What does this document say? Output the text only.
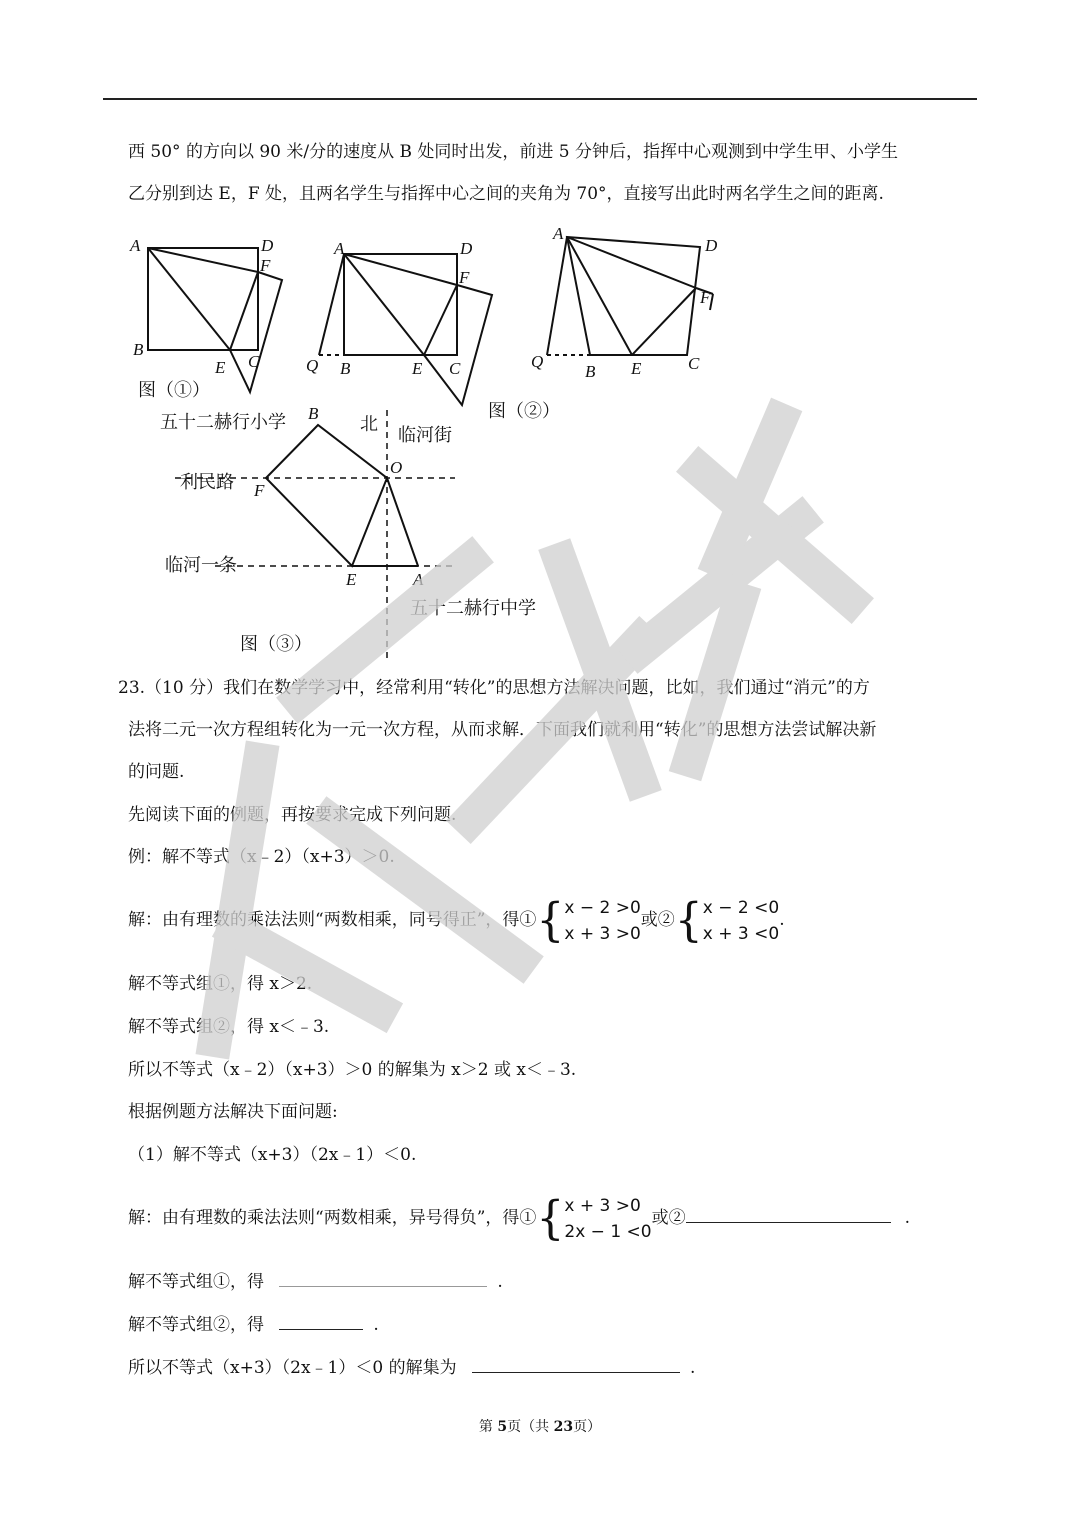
西 50° 的方向以 90 米/分的速度从 B 处同时出发，前进 5 分钟后，指挥中心观测到中学生甲、小学生
乙分别到达 E，F 处，且两名学生与指挥中心之间的夹角为 70°，直接写出此时两名学生之间的距离.
A	D
F
B
E C
图（①）
A	D
F
Q B	E C
A
D
F
Q
B E	C
图（②）
五十二赫行小学 B
北
临河街
O
利民路 F
临河一条
E	A
五十二赫行中学
图（③）
23.（10 分）我们在数学学习中，经常利用“转化”的思想方法解决问题，比如，我们通过“消元”的方
法将二元一次方程组转化为一元一次方程，从而求解．下面我们就利用“转化”的思想方法尝试解决新
的问题.
先阅读下面的例题，再按要求完成下列问题.
例：解不等式（x﹣2）（x+3）＞0.
解：由有理数的乘法法则“两数相乘，同号得正”，得①{ x − 2 >0
x + 3 >0
或②{ x − 2 <0
x + 3 <0
.
解不等式组①，得 x＞2.
解不等式组②，得 x＜﹣3.
所以不等式（x﹣2）（x+3）＞0 的解集为 x＞2 或 x＜﹣3.
根据例题方法解决下面问题:
（1）解不等式（x+3）（2x﹣1）＜0.
解：由有理数的乘法法则“两数相乘，异号得负”，得①{ x + 3 >0
2x − 1 <0
或②	.
解不等式组①，得	.
解不等式组②，得	.
所以不等式（x+3）（2x﹣1）＜0 的解集为	.
第 5页（共 23页）
